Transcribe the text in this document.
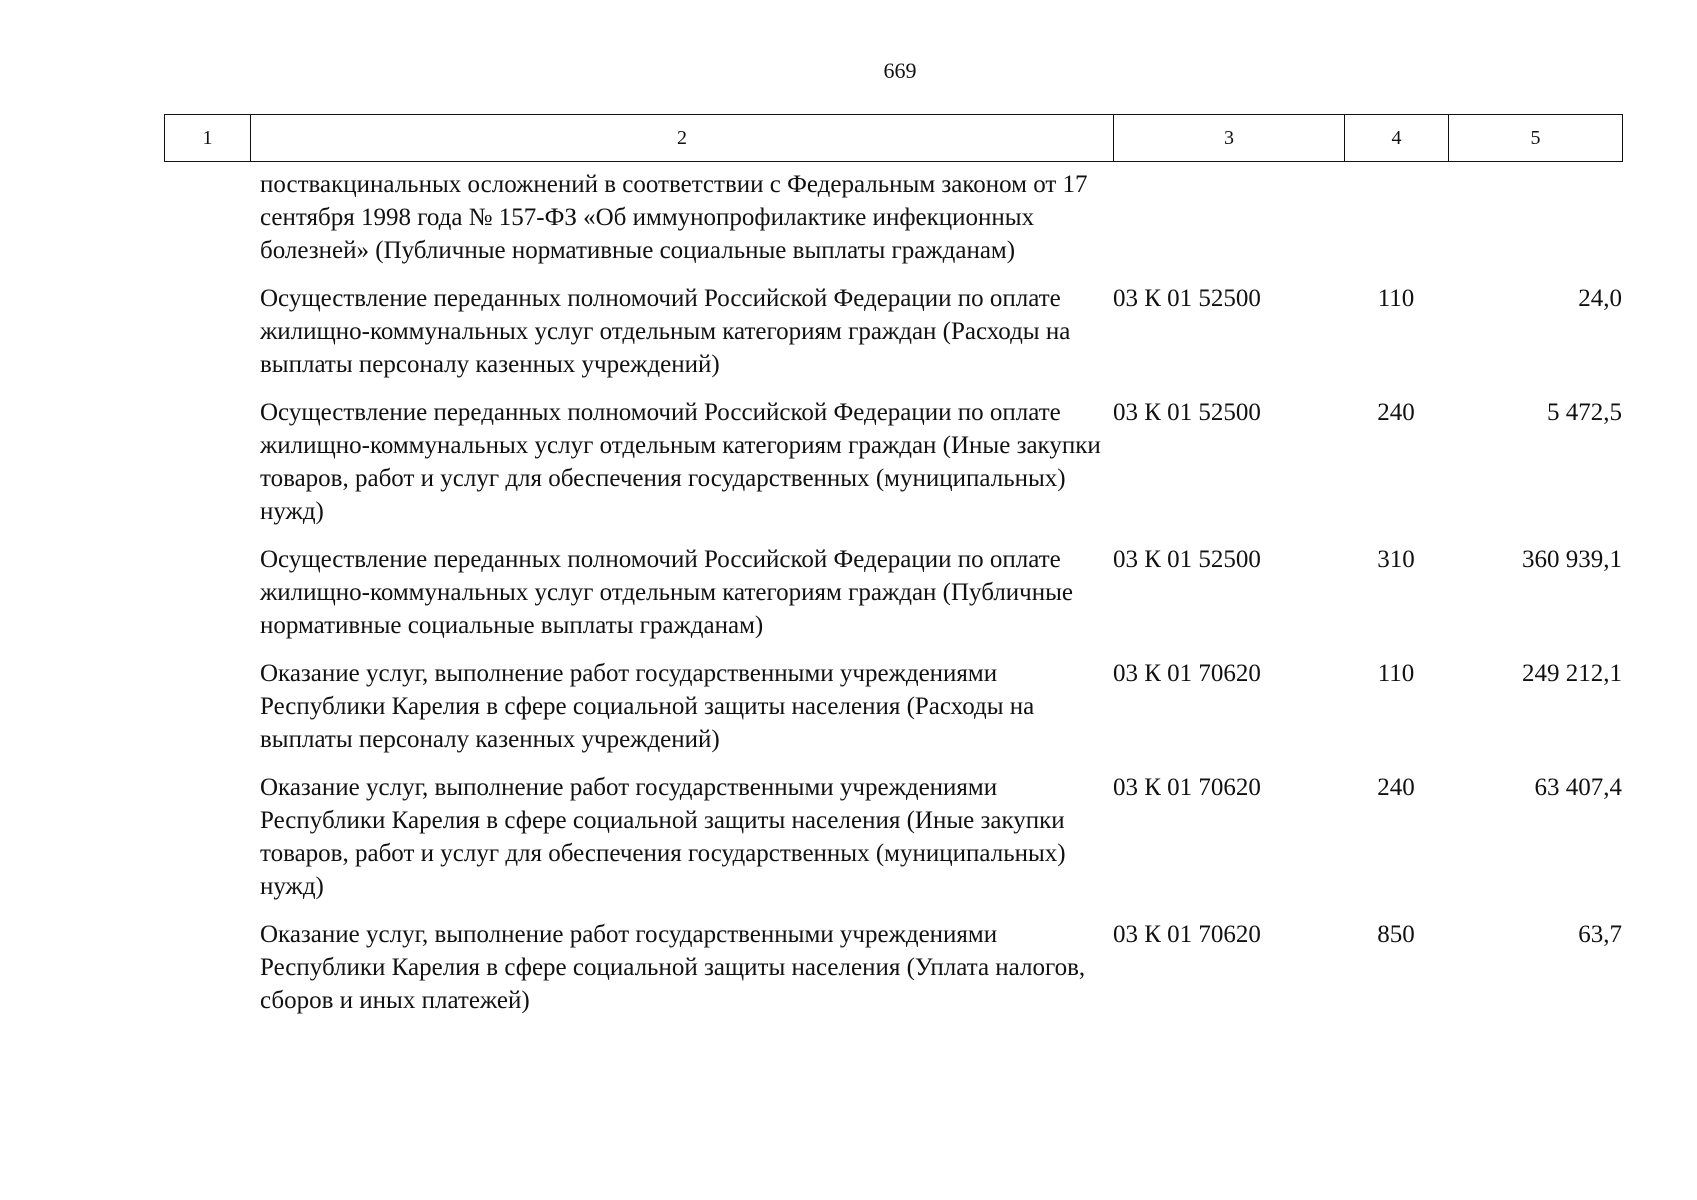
669
1	2	3	4	5
	поствакцинальных осложнений в соответствии с Федеральным законом от 17 сентября 1998 года № 157-ФЗ «Об иммунопрофилактике инфекционных болезней» (Публичные нормативные социальные выплаты гражданам)			
	Осуществление переданных полномочий Российской Федерации по оплате жилищно-коммунальных услуг отдельным категориям граждан (Расходы на выплаты персоналу казенных учреждений)	03 К 01 52500	110	24,0
	Осуществление переданных полномочий Российской Федерации по оплате жилищно-коммунальных услуг отдельным категориям граждан (Иные закупки товаров, работ и услуг для обеспечения государственных (муниципальных) нужд)	03 К 01 52500	240	5 472,5
	Осуществление переданных полномочий Российской Федерации по оплате жилищно-коммунальных услуг отдельным категориям граждан (Публичные нормативные социальные выплаты гражданам)	03 К 01 52500	310	360 939,1
	Оказание услуг, выполнение работ государственными учреждениями Республики Карелия в сфере социальной защиты населения (Расходы на выплаты персоналу казенных учреждений)	03 К 01 70620	110	249 212,1
	Оказание услуг, выполнение работ государственными учреждениями Республики Карелия в сфере социальной защиты населения (Иные закупки товаров, работ и услуг для обеспечения государственных (муниципальных) нужд)	03 К 01 70620	240	63 407,4
	Оказание услуг, выполнение работ государственными учреждениями Республики Карелия в сфере социальной защиты населения (Уплата налогов, сборов и иных платежей)	03 К 01 70620	850	63,7
